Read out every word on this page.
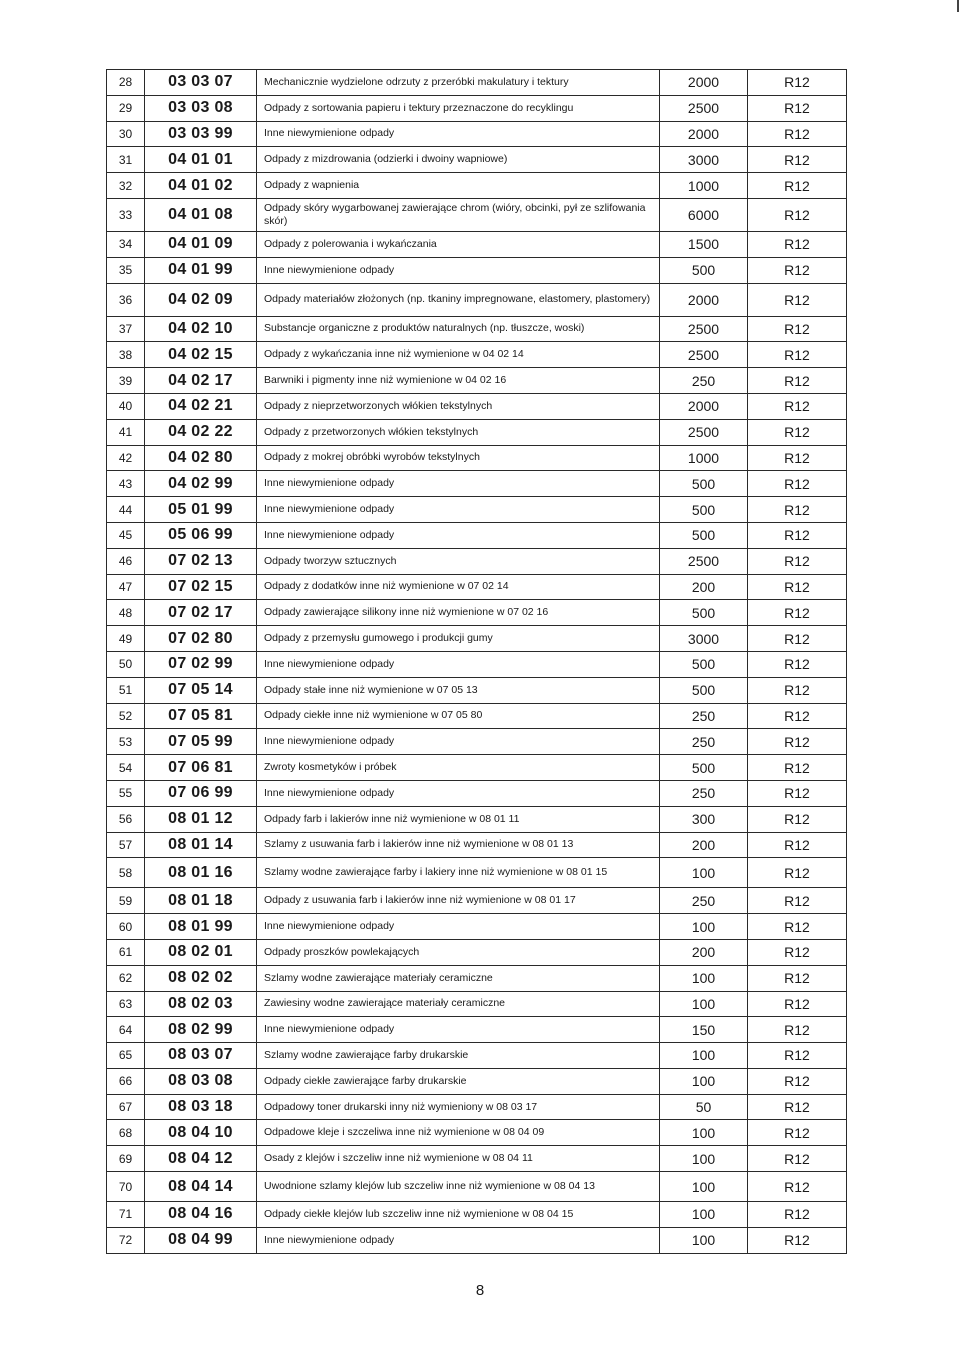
28	03 03 07	Mechanicznie wydzielone odrzuty z przeróbki makulatury i tektury	2000	R12
29	03 03 08	Odpady z sortowania papieru i tektury przeznaczone do recyklingu	2500	R12
30	03 03 99	Inne niewymienione odpady	2000	R12
31	04 01 01	Odpady z mizdrowania (odzierki i dwoiny wapniowe)	3000	R12
32	04 01 02	Odpady z wapnienia	1000	R12
33	04 01 08	Odpady skóry wygarbowanej zawierające chrom (wióry, obcinki, pył ze szlifowania skór)	6000	R12
34	04 01 09	Odpady z polerowania i wykańczania	1500	R12
35	04 01 99	Inne niewymienione odpady	500	R12
36	04 02 09	Odpady materiałów złożonych (np. tkaniny impregnowane, elastomery, plastomery)	2000	R12
37	04 02 10	Substancje organiczne z produktów naturalnych (np. tłuszcze, woski)	2500	R12
38	04 02 15	Odpady z wykańczania inne niż wymienione w 04 02 14	2500	R12
39	04 02 17	Barwniki i pigmenty inne niż wymienione w 04 02 16	250	R12
40	04 02 21	Odpady z nieprzetworzonych włókien tekstylnych	2000	R12
41	04 02 22	Odpady z przetworzonych włókien tekstylnych	2500	R12
42	04 02 80	Odpady z mokrej obróbki wyrobów tekstylnych	1000	R12
43	04 02 99	Inne niewymienione odpady	500	R12
44	05 01 99	Inne niewymienione odpady	500	R12
45	05 06 99	Inne niewymienione odpady	500	R12
46	07 02 13	Odpady tworzyw sztucznych	2500	R12
47	07 02 15	Odpady z dodatków inne niż wymienione w 07 02 14	200	R12
48	07 02 17	Odpady zawierające silikony inne niż wymienione w 07 02 16	500	R12
49	07 02 80	Odpady z przemysłu gumowego i produkcji gumy	3000	R12
50	07 02 99	Inne niewymienione odpady	500	R12
51	07 05 14	Odpady stałe inne niż wymienione w 07 05 13	500	R12
52	07 05 81	Odpady ciekłe inne niż wymienione w 07 05 80	250	R12
53	07 05 99	Inne niewymienione odpady	250	R12
54	07 06 81	Zwroty kosmetyków i próbek	500	R12
55	07 06 99	Inne niewymienione odpady	250	R12
56	08 01 12	Odpady farb i lakierów inne niż wymienione w 08 01 11	300	R12
57	08 01 14	Szlamy z usuwania farb i lakierów inne niż wymienione w 08 01 13	200	R12
58	08 01 16	Szlamy wodne zawierające farby i lakiery inne niż wymienione w 08 01 15	100	R12
59	08 01 18	Odpady z usuwania farb i lakierów inne niż wymienione w 08 01 17	250	R12
60	08 01 99	Inne niewymienione odpady	100	R12
61	08 02 01	Odpady proszków powlekających	200	R12
62	08 02 02	Szlamy wodne zawierające materiały ceramiczne	100	R12
63	08 02 03	Zawiesiny wodne zawierające materiały ceramiczne	100	R12
64	08 02 99	Inne niewymienione odpady	150	R12
65	08 03 07	Szlamy wodne zawierające farby drukarskie	100	R12
66	08 03 08	Odpady ciekłe zawierające farby drukarskie	100	R12
67	08 03 18	Odpadowy toner drukarski inny niż wymieniony w 08 03 17	50	R12
68	08 04 10	Odpadowe kleje i szczeliwa inne niż wymienione w 08 04 09	100	R12
69	08 04 12	Osady z klejów i szczeliw inne niż wymienione w 08 04 11	100	R12
70	08 04 14	Uwodnione szlamy klejów lub szczeliw inne niż wymienione w 08 04 13	100	R12
71	08 04 16	Odpady ciekłe klejów lub szczeliw inne niż wymienione w 08 04 15	100	R12
72	08 04 99	Inne niewymienione odpady	100	R12
8
